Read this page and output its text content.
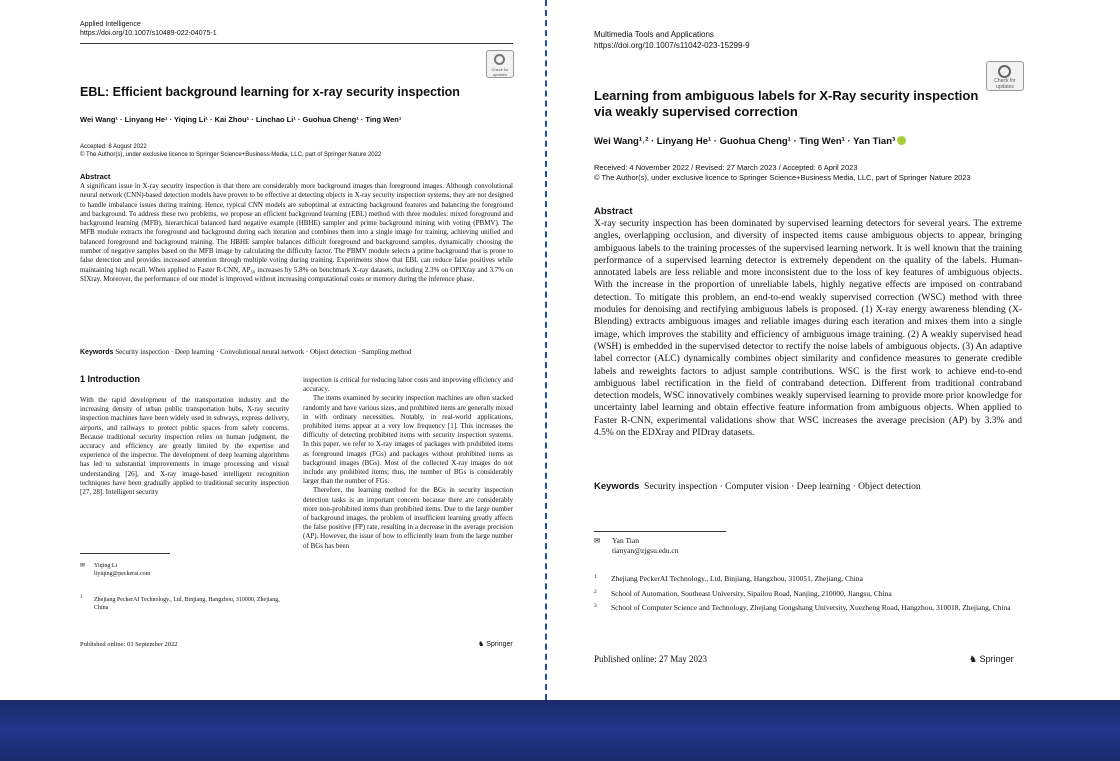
Applied Intelligence
https://doi.org/10.1007/s10489-022-04075-1
Check for updates
EBL: Efficient background learning for x-ray security inspection
Wei Wang¹ · Linyang He¹ · Yiqing Li¹ · Kai Zhou¹ · Linchao Li¹ · Guohua Cheng¹ · Ting Wen¹
Accepted: 8 August 2022
© The Author(s), under exclusive licence to Springer Science+Business Media, LLC, part of Springer Nature 2022
Abstract
A significant issue in X-ray security inspection is that there are considerably more background images than foreground images. Although convolutional neural network (CNN)-based detection models have proven to be effective at detecting objects in X-ray security inspection systems, they are not designed to handle imbalance issues during training. Hence, typical CNN models are suboptimal at extracting background features and balancing the foreground and background. To address these two problems, we propose an efficient background learning (EBL) method with three modules: mixed foreground and background learning (MFB), hierarchical balanced hard negative example (HBHE) sampler and prime background mining with voting (PBMV). The MFB module extracts the foreground and background during each iteration and combines them into a single image for training, achieving unified and balanced foreground and background training. The HBHE sampler balances difficult foreground and background samples, dynamically choosing the number of negative samples based on the MFB image by calculating the difficulty factor. The PBMV module selects a prime background that is prone to false detection and provides increased attention through multiple voting during training. Experiments show that EBL can reduce false positives while maintaining high recall. When applied to Faster R-CNN, AP₅₀ increases by 5.8% on benchmark X-ray datasets, including 2.3% on OPIXray and 3.7% on SIXray. Moreover, the performance of our model is improved without increasing computational costs or memory during the inference phase.
Keywords Security inspection · Deep learning · Convolutional neural network · Object detection · Sampling method
1 Introduction
With the rapid development of the transportation industry and the increasing density of urban public transportation hubs, X-ray security inspection machines have been widely used in subways, express delivery, airports, and railways to protect public spaces from safety concerns. Because traditional security inspection relies on human judgment, the accuracy and efficiency are greatly limited by the expertise and experience of the inspector. The development of deep learning algorithms has led to substantial improvements in image processing and visual understanding [26], and X-ray image-based intelligent recognition techniques have been gradually applied to traditional security inspection [27, 28]. Intelligent security

inspection is critical for reducing labor costs and improving efficiency and accuracy.

The items examined by security inspection machines are often stacked randomly and have various sizes, and prohibited items are generally mixed in with ordinary necessities. Notably, in real-world applications, prohibited items appear at a very low frequency [1]. This increases the difficulty of detecting prohibited items with security inspection systems. In this paper, we refer to X-ray images of packages with prohibited items as foreground images (FGs) and packages without prohibited items as background images (BGs). Most of the collected X-ray images do not include any prohibited items; thus, the number of BGs is considerably larger than the number of FGs.

Therefore, the learning method for the BGs in security inspection detection tasks is an important concern because there are considerably more non-prohibited items than prohibited items. Due to the large number of background images, the problem of insufficient learning greatly affects the false positive (FP) rate, resulting in a decrease in the average precision (AP). However, the issue of how to efficiently learn from the large number of BGs has been

✉ Yiqing Li
liyiqing@peckerai.com
1 Zhejiang PeckerAI Technology., Ltd, Binjiang, Hangzhou, 310000, Zhejiang, China
Published online: 03 September 2022	♞ Springer
Multimedia Tools and Applications
https://doi.org/10.1007/s11042-023-15299-9
Check for updates
Learning from ambiguous labels for X-Ray security inspection via weakly supervised correction
Wei Wang¹˒² · Linyang He¹ · Guohua Cheng¹ · Ting Wen¹ · Yan Tian³
Received: 4 November 2022 / Revised: 27 March 2023 / Accepted: 6 April 2023
© The Author(s), under exclusive licence to Springer Science+Business Media, LLC, part of Springer Nature 2023
Abstract
X-ray security inspection has been dominated by supervised learning detectors for several years. The extreme angles, overlapping occlusion, and diversity of inspected items cause ambiguous objects to appear, bringing ambiguous labels to the training processes of the supervised learning network. It is well known that the training performance of a supervised learning detector is extremely dependent on the quality of the labels. Human-annotated labels are less reliable and more inconsistent due to the loss of key features of ambiguous objects. With the increase in the proportion of unreliable labels, highly negative effects are imposed on contraband detection. To mitigate this problem, an end-to-end weakly supervised correction (WSC) method with three modules for denoising and rectifying ambiguous labels is proposed. (1) X-ray energy awareness blending (X-Blending) extracts ambiguous images and reliable images during each iteration and mixes them into a single image, which improves the stability and efficiency of ambiguous image training. (2) A weakly supervised head (WSH) is embedded in the supervised detector to rectify the noise labels of ambiguous objects. (3) An adaptive label corrector (ALC) dynamically combines object similarity and confidence measures to generate credible labels and reweights factors to adjust sample contributions. WSC is the first work to achieve end-to-end ambiguous label rectification in the field of contraband detection. Different from traditional contraband detection models, WSC innovatively combines weakly supervised learning to provide more prior knowledge for uncertainty label learning and obtain effective feature information from ambiguous objects. When applied to Faster R-CNN, experimental validations show that WSC increases the average precision (AP) by 3.3% and 4.5% on the EDXray and PIDray datasets.
Keywords Security inspection · Computer vision · Deep learning · Object detection
✉ Yan Tian
tianyan@zjgsu.edu.cn
1 Zhejiang PeckerAI Technology., Ltd, Binjiang, Hangzhou, 310051, Zhejiang, China
2 School of Automation, Southeast University, Sipailou Road, Nanjing, 210000, Jiangsu, China
3 School of Computer Science and Technology, Zhejiang Gongshang University, Xuezheng Road, Hangzhou, 310018, Zhejiang, China
Published online: 27 May 2023	♞ Springer
